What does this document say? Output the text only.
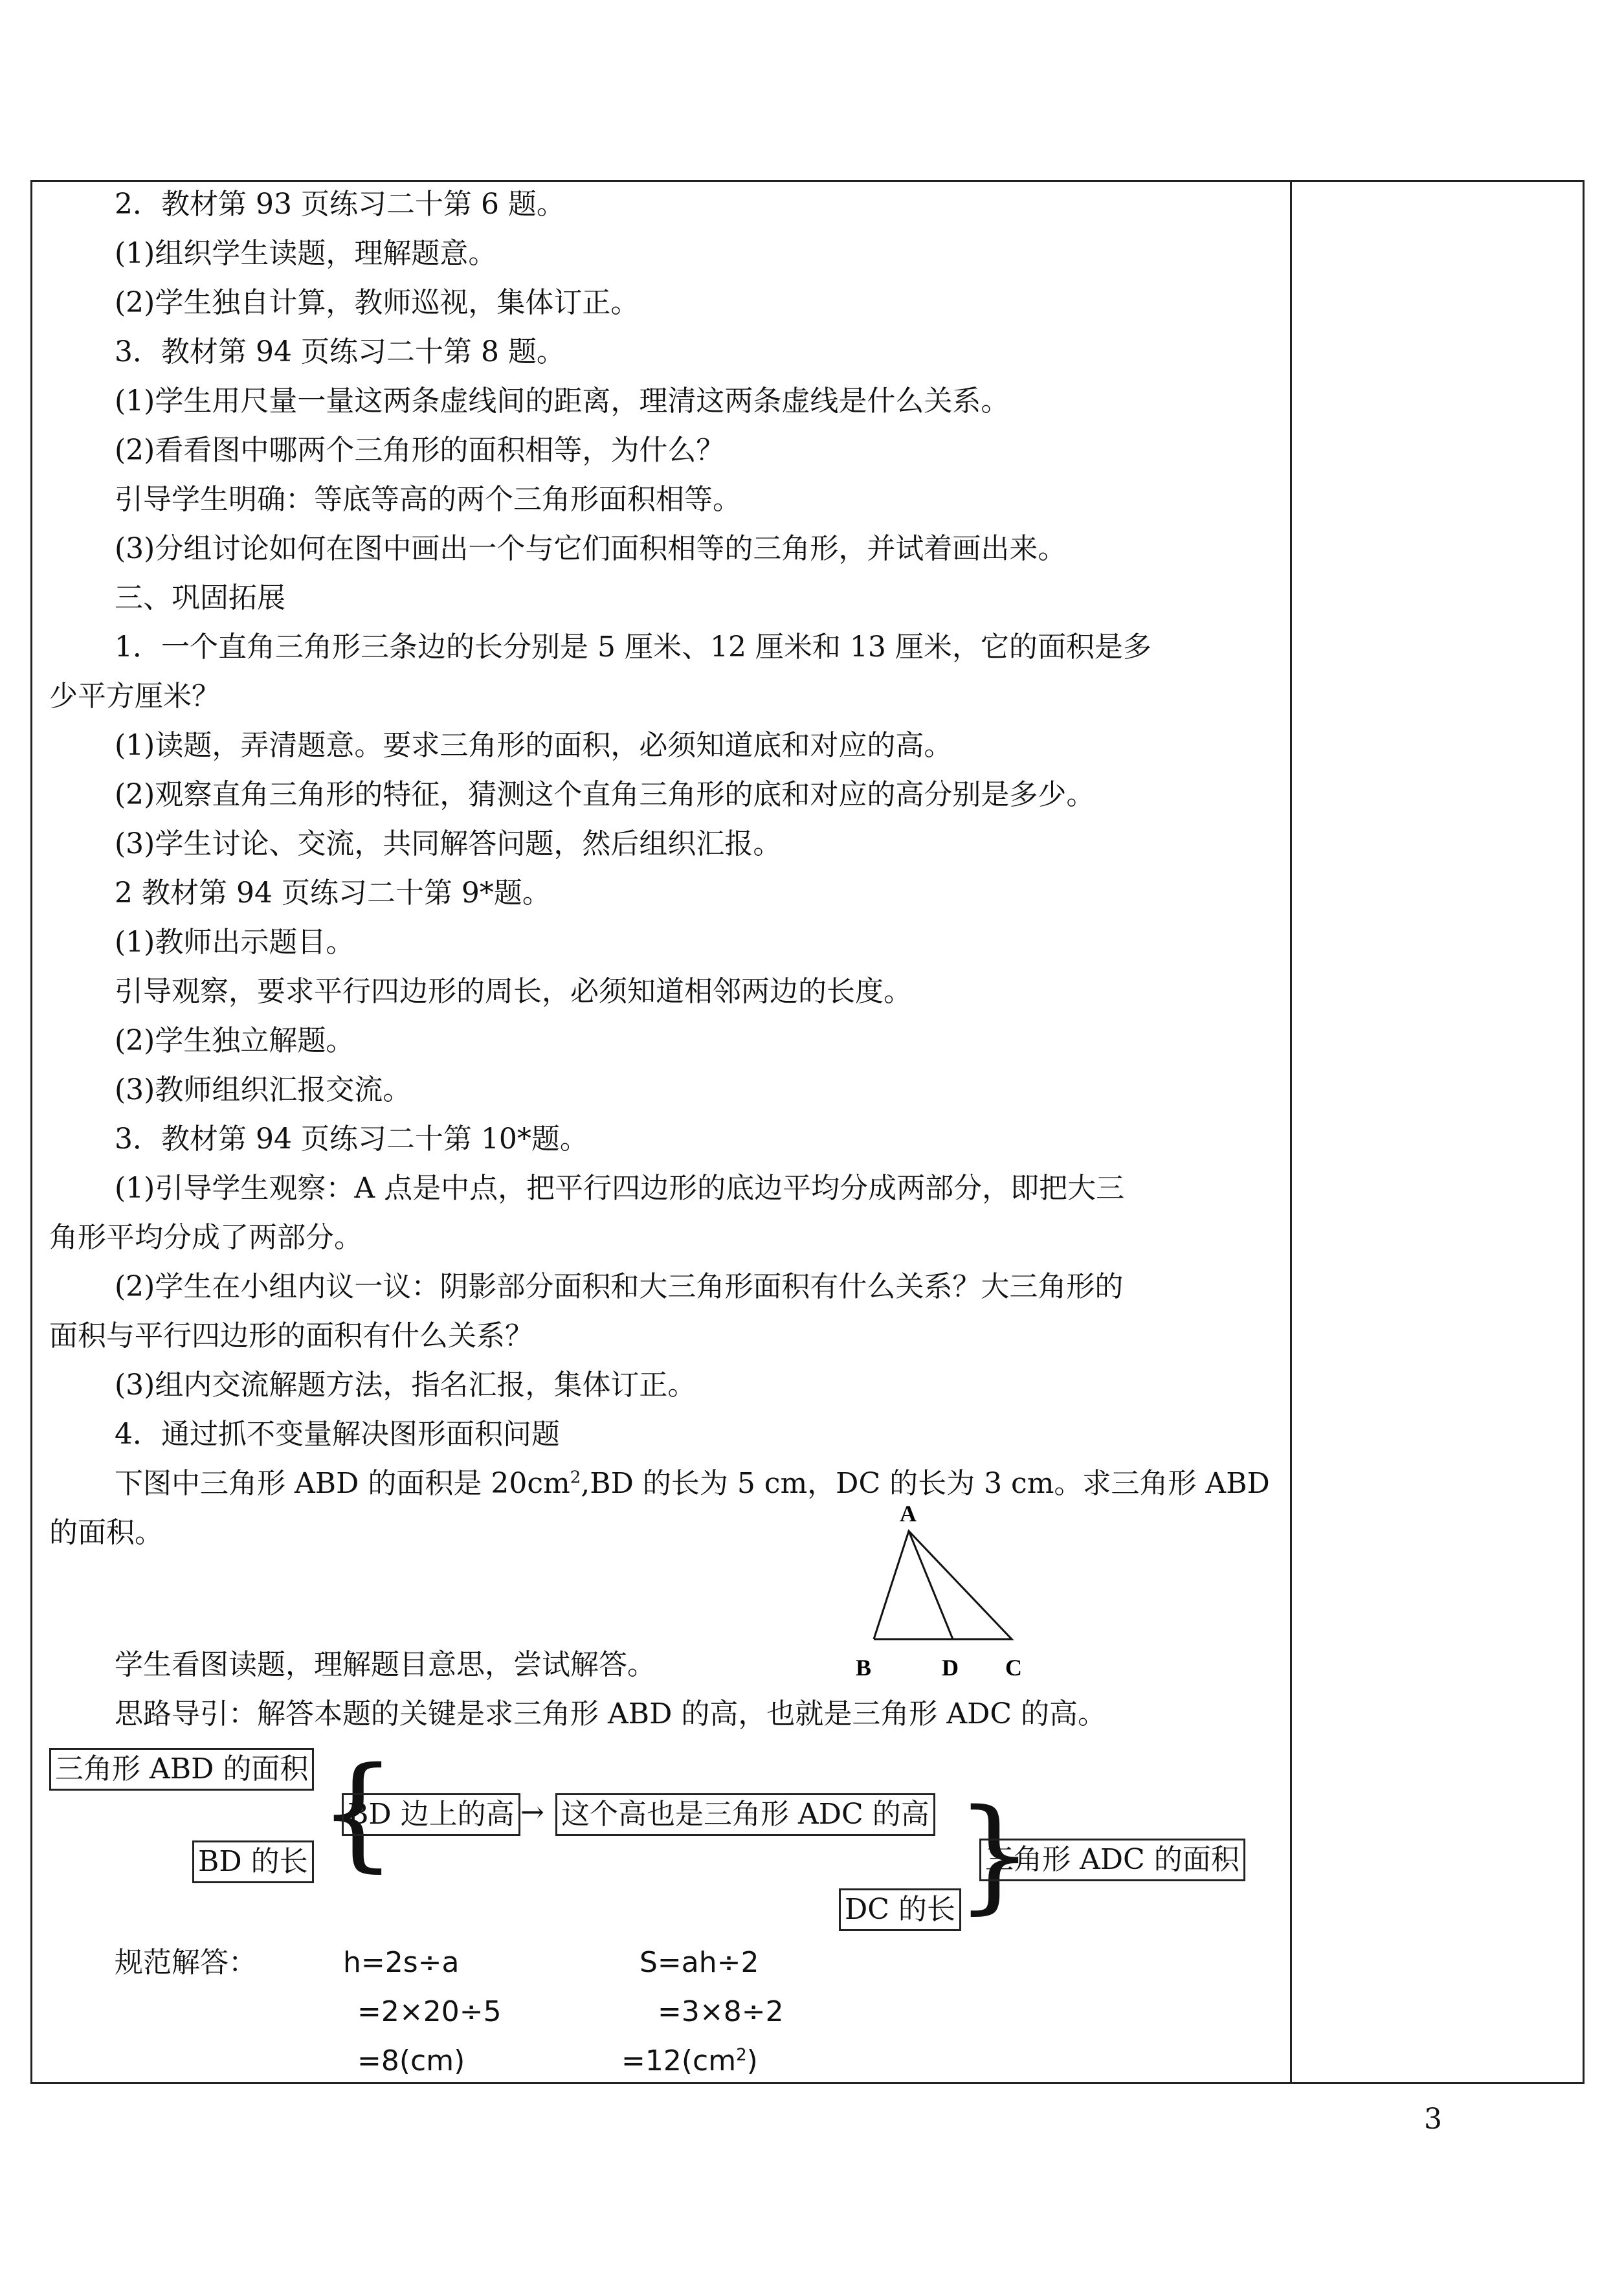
2．教材第 93 页练习二十第 6 题。
(1)组织学生读题，理解题意。
(2)学生独自计算，教师巡视，集体订正。
3．教材第 94 页练习二十第 8 题。
(1)学生用尺量一量这两条虚线间的距离，理清这两条虚线是什么关系。
(2)看看图中哪两个三角形的面积相等，为什么？
引导学生明确：等底等高的两个三角形面积相等。
(3)分组讨论如何在图中画出一个与它们面积相等的三角形，并试着画出来。
三、巩固拓展
1．一个直角三角形三条边的长分别是 5 厘米、12 厘米和 13 厘米，它的面积是多
少平方厘米？
(1)读题，弄清题意。要求三角形的面积，必须知道底和对应的高。
(2)观察直角三角形的特征，猜测这个直角三角形的底和对应的高分别是多少。
(3)学生讨论、交流，共同解答问题，然后组织汇报。
2 教材第 94 页练习二十第 9*题。
(1)教师出示题目。
引导观察，要求平行四边形的周长，必须知道相邻两边的长度。
(2)学生独立解题。
(3)教师组织汇报交流。
3．教材第 94 页练习二十第 10*题。
(1)引导学生观察：A 点是中点，把平行四边形的底边平均分成两部分，即把大三
角形平均分成了两部分。
(2)学生在小组内议一议：阴影部分面积和大三角形面积有什么关系？大三角形的
面积与平行四边形的面积有什么关系？
(3)组内交流解题方法，指名汇报，集体订正。
4．通过抓不变量解决图形面积问题
下图中三角形 ABD 的面积是 $20cm^2,BD$ 的长为 5 cm，DC 的长为 3 cm。求三角形 ABD
的面积。
A
B	D C
学生看图读题，理解题目意思，尝试解答。
思路导引：解答本题的关键是求三角形 ABD 的高，也就是三角形 ADC 的高。
三角形 ABD 的面积
BD 的长 {
BD 边上的高 → 这个高也是三角形 ADC 的高
DC 的长 }
三角形 ADC 的面积
规范解答：	h=2s÷a	S=ah÷2
=2×20÷5	=3×8÷2
=8(cm)	$=12(cm^2)$
3
